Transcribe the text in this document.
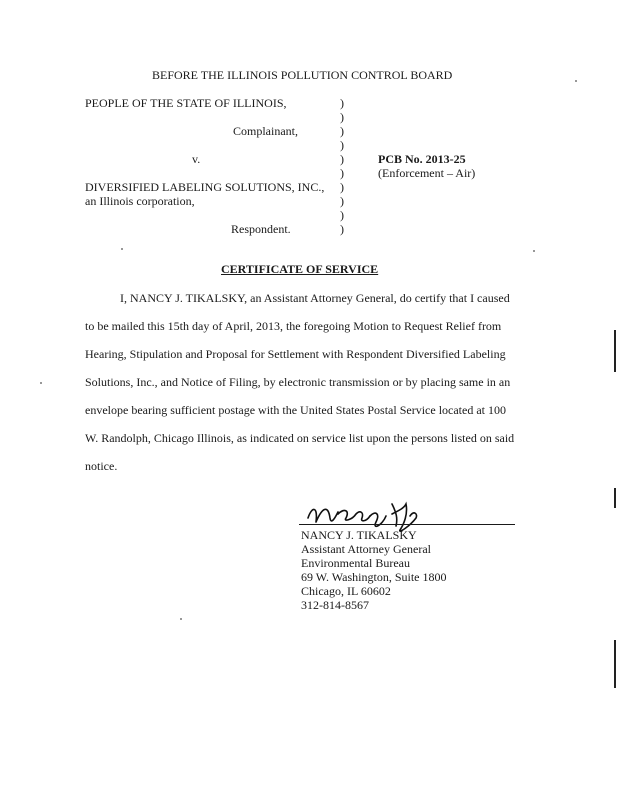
BEFORE THE ILLINOIS POLLUTION CONTROL BOARD
PEOPLE OF THE STATE OF ILLINOIS,
Complainant,
v.
DIVERSIFIED LABELING SOLUTIONS, INC.,
an Illinois corporation,
Respondent.
)
)
)
)
)
)
)
)
)
)
PCB No. 2013-25
(Enforcement – Air)
CERTIFICATE OF SERVICE
I, NANCY J. TIKALSKY, an Assistant Attorney General, do certify that I caused
to be mailed this 15th day of April, 2013, the foregoing Motion to Request Relief from
Hearing, Stipulation and Proposal for Settlement with Respondent Diversified Labeling
Solutions, Inc., and Notice of Filing, by electronic transmission or by placing same in an
envelope bearing sufficient postage with the United States Postal Service located at 100
W. Randolph, Chicago Illinois, as indicated on service list upon the persons listed on said
notice.
NANCY J. TIKALSKY
Assistant Attorney General
Environmental Bureau
69 W. Washington, Suite 1800
Chicago, IL 60602
312-814-8567
